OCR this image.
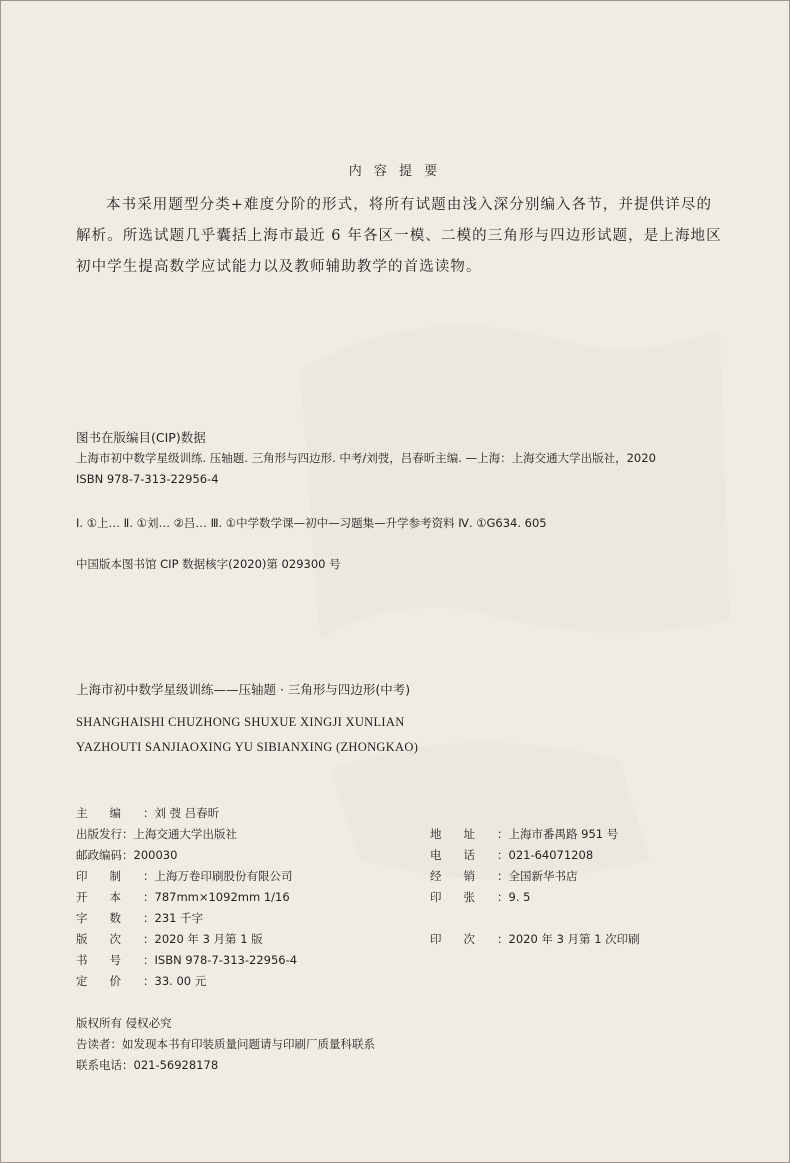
内 容 提 要

本书采用题型分类+难度分阶的形式，将所有试题由浅入深分别编入各节，并提供详尽的

解析。所选试题几乎囊括上海市最近 6 年各区一模、二模的三角形与四边形试题，是上海地区
初中学生提高数学应试能力以及教师辅助教学的首选读物。
图书在版编目(CIP)数据
上海市初中数学星级训练. 压轴题. 三角形与四边形. 中考/刘弢，吕春昕主编. —上海：上海交通大学出版社，2020
ISBN 978-7-313-22956-4
Ⅰ. ①上… Ⅱ. ①刘… ②吕… Ⅲ. ①中学数学课—初中—习题集—升学参考资料 Ⅳ. ①G634. 605
中国版本图书馆 CIP 数据核字(2020)第 029300 号
上海市初中数学星级训练——压轴题 · 三角形与四边形(中考)
SHANGHAISHI CHUZHONG SHUXUE XINGJI XUNLIAN
YAZHOUTI SANJIAOXING YU SIBIANXING (ZHONGKAO)
主编 ：刘 弢 吕春昕
出版发行 ：上海交通大学出版社
邮政编码 ：200030
印制 ：上海万卷印刷股份有限公司
开本 ：787mm×1092mm 1/16
字数 ：231 千字
版次 ：2020 年 3 月第 1 版
书号 ：ISBN 978-7-313-22956-4
定价 ：33. 00 元
地址 ：上海市番禺路 951 号
电话 ：021-64071208
经销 ：全国新华书店
印张 ：9. 5
印次 ：2020 年 3 月第 1 次印刷
版权所有 侵权必究
告读者：如发现本书有印装质量问题请与印刷厂质量科联系
联系电话：021-56928178
